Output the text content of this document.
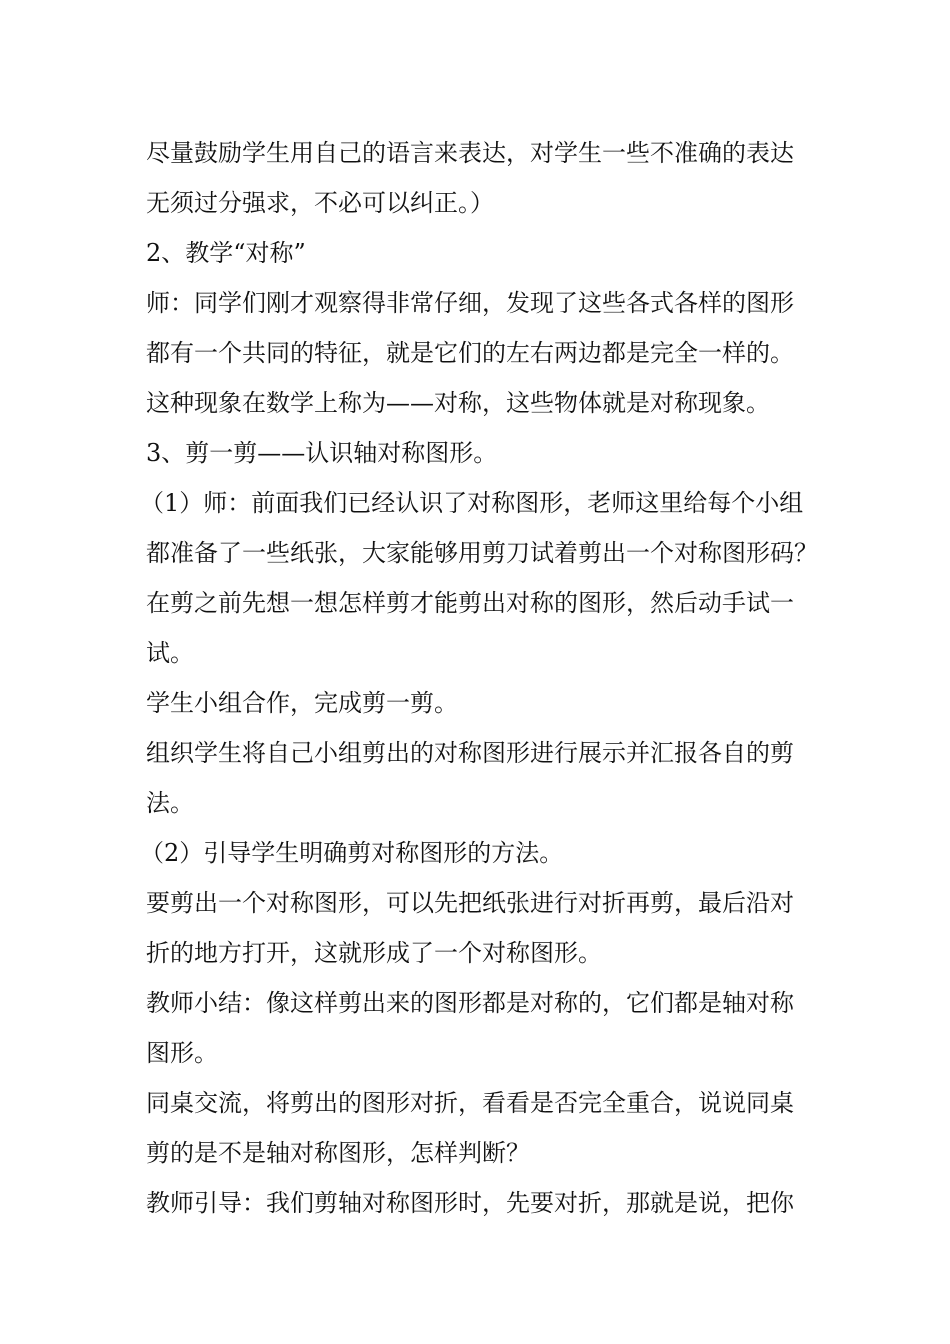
尽量鼓励学生用自己的语言来表达，对学生一些不准确的表达

无须过分强求，不必可以纠正。）

2、教学“对称”

师：同学们刚才观察得非常仔细，发现了这些各式各样的图形

都有一个共同的特征，就是它们的左右两边都是完全一样的。

这种现象在数学上称为——对称，这些物体就是对称现象。

3、剪一剪——认识轴对称图形。

（1）师：前面我们已经认识了对称图形，老师这里给每个小组

都准备了一些纸张，大家能够用剪刀试着剪出一个对称图形码？

在剪之前先想一想怎样剪才能剪出对称的图形，然后动手试一

试。

学生小组合作，完成剪一剪。

组织学生将自己小组剪出的对称图形进行展示并汇报各自的剪

法。

（2）引导学生明确剪对称图形的方法。

要剪出一个对称图形，可以先把纸张进行对折再剪，最后沿对

折的地方打开，这就形成了一个对称图形。

教师小结：像这样剪出来的图形都是对称的，它们都是轴对称

图形。

同桌交流，将剪出的图形对折，看看是否完全重合，说说同桌

剪的是不是轴对称图形，怎样判断？

教师引导：我们剪轴对称图形时，先要对折，那就是说，把你
